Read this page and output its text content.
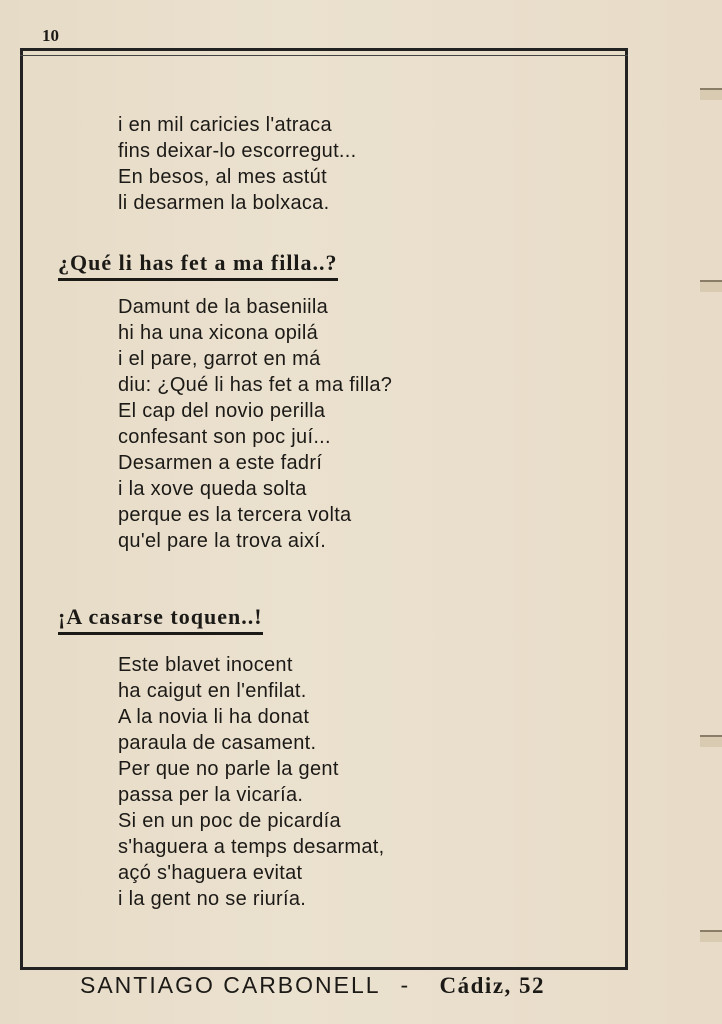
10
i en mil caricies l'atraca
fins deixar-lo escorregut...
En besos, al mes astút
li desarmen la bolxaca.
¿Qué li has fet a ma filla..?
Damunt de la baseniila
hi ha una xicona opilá
i el pare, garrot en má
diu: ¿Qué li has fet a ma filla?
El cap del novio perilla
confesant son poc juí...
Desarmen a este fadrí
i la xove queda solta
perque es la tercera volta
qu'el pare la trova així.
¡A casarse toquen..!
Este blavet inocent
ha caigut en l'enfilat.
A la novia li ha donat
paraula de casament.
Per que no parle la gent
passa per la vicaría.
Si en un poc de picardía
s'haguera a temps desarmat,
açó s'haguera evitat
i la gent no se riuría.
SANTIAGO CARBONELL - Cádiz, 52
